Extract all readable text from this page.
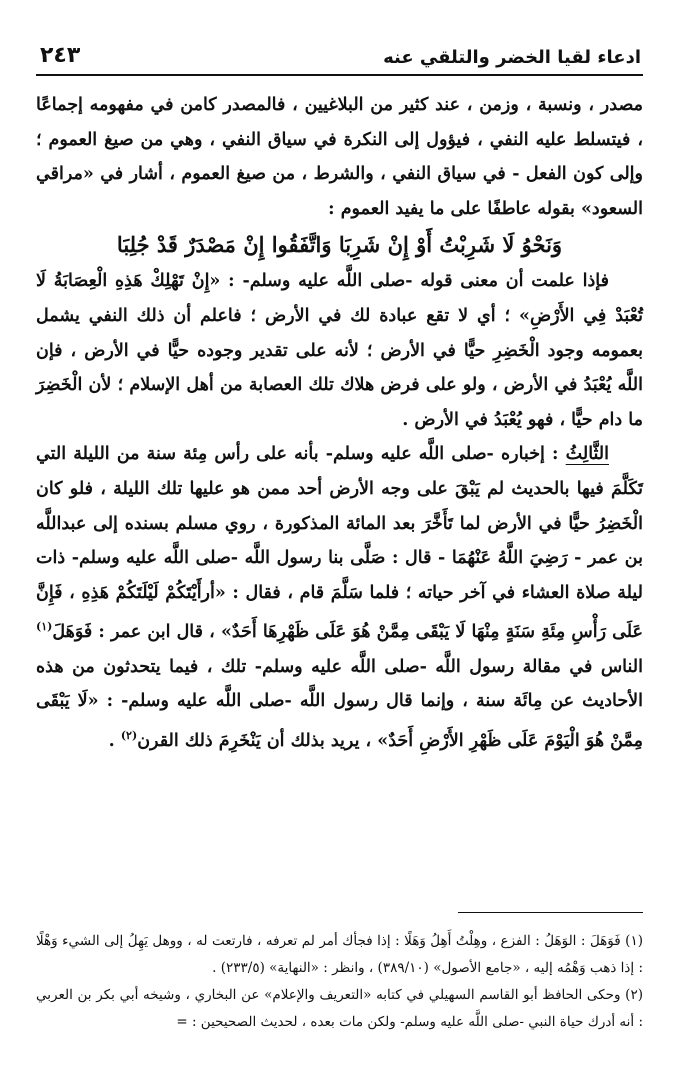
ادعاء لقيا الخضر والتلقي عنه
٢٤٣

مصدر ، ونسبة ، وزمن ، عند كثير من البلاغيين ، فالمصدر كامن في مفهومه إجماعًا ، فيتسلط عليه النفي ، فيؤول إلى النكرة في سياق النفي ، وهي من صيغ العموم ؛ وإلى كون الفعل - في سياق النفي ، والشرط ، من صيغ العموم ، أشار في «مراقي السعود» بقوله عاطفًا على ما يفيد العموم :

وَنَحْوُ لَا شَرِبْتُ أَوْ إِنْ شَرِبَا وَاتَّفَقُوا إِنْ مَصْدَرٌ قَدْ جُلِبَا

فإذا علمت أن معنى قوله -صلى اللَّه عليه وسلم- : «إِنْ تَهْلِكْ هَذِهِ الْعِصَابَةُ لَا تُعْبَدْ فِي الأَرْضِ» ؛ أي لا تقع عبادة لك في الأرض ؛ فاعلم أن ذلك النفي يشمل بعمومه وجود الْخَضِرِ حيًّا في الأرض ؛ لأنه على تقدير وجوده حيًّا في الأرض ، فإن اللَّه يُعْبَدُ في الأرض ، ولو على فرض هلاك تلك العصابة من أهل الإسلام ؛ لأن الْخَضِرَ ما دام حيًّا ، فهو يُعْبَدُ في الأرض .

الثَّالِثُ : إخباره -صلى اللَّه عليه وسلم- بأنه على رأس مِئة سنة من الليلة التي تَكَلَّمَ فيها بالحديث لم يَبْقَ على وجه الأرض أحد ممن هو عليها تلك الليلة ، فلو كان الْخَضِرُ حيًّا في الأرض لما تَأَخَّرَ بعد المائة المذكورة ، روي مسلم بسنده إلى عبداللَّه بن عمر - رَضِيَ اللَّهُ عَنْهُمَا - قال : صَلَّى بنا رسول اللَّه -صلى اللَّه عليه وسلم- ذات ليلة صلاة العشاء في آخر حياته ؛ فلما سَلَّمَ قام ، فقال : «أرأَيْتَكُمْ لَيْلَتَكُمْ هَذِهِ ، فَإِنَّ عَلَى رَأْسِ مِئَةِ سَنَةٍ مِنْهَا لَا يَبْقَى مِمَّنْ هُوَ عَلَى ظَهْرِهَا أَحَدٌ» ، قال ابن عمر : فَوَهَلَ$^{(١)}$ الناس في مقالة رسول اللَّه -صلى اللَّه عليه وسلم- تلك ، فيما يتحدثون من هذه الأحاديث عن مِائَة سنة ، وإنما قال رسول اللَّه -صلى اللَّه عليه وسلم- : «لَا يَبْقَى مِمَّنْ هُوَ الْيَوْمَ عَلَى ظَهْرِ الأَرْضِ أَحَدٌ» ، يريد بذلك أن يَنْخَرِمَ ذلك القرن$^{(٢)}$ .

(١) فَوَهَلَ : الوَهَلُ : الفزع ، وهِلْتُ أَهِلُ وَهَلًا : إذا فجأك أمر لم تعرفه ، فارتعت له ، ووهل يَهِلُ إلى الشيء وَهْلًا : إذا ذهب وَهْمُه إليه ، «جامع الأصول» (٣٨٩/١٠) ، وانظر : «النهاية» (٢٣٣/٥) .

(٢) وحكى الحافظ أبو القاسم السهيلي في كتابه «التعريف والإعلام» عن البخاري ، وشيخه أبي بكر بن العربي : أنه أدرك حياة النبي -صلى اللَّه عليه وسلم- ولكن مات بعده ، لحديث الصحيحين : =
